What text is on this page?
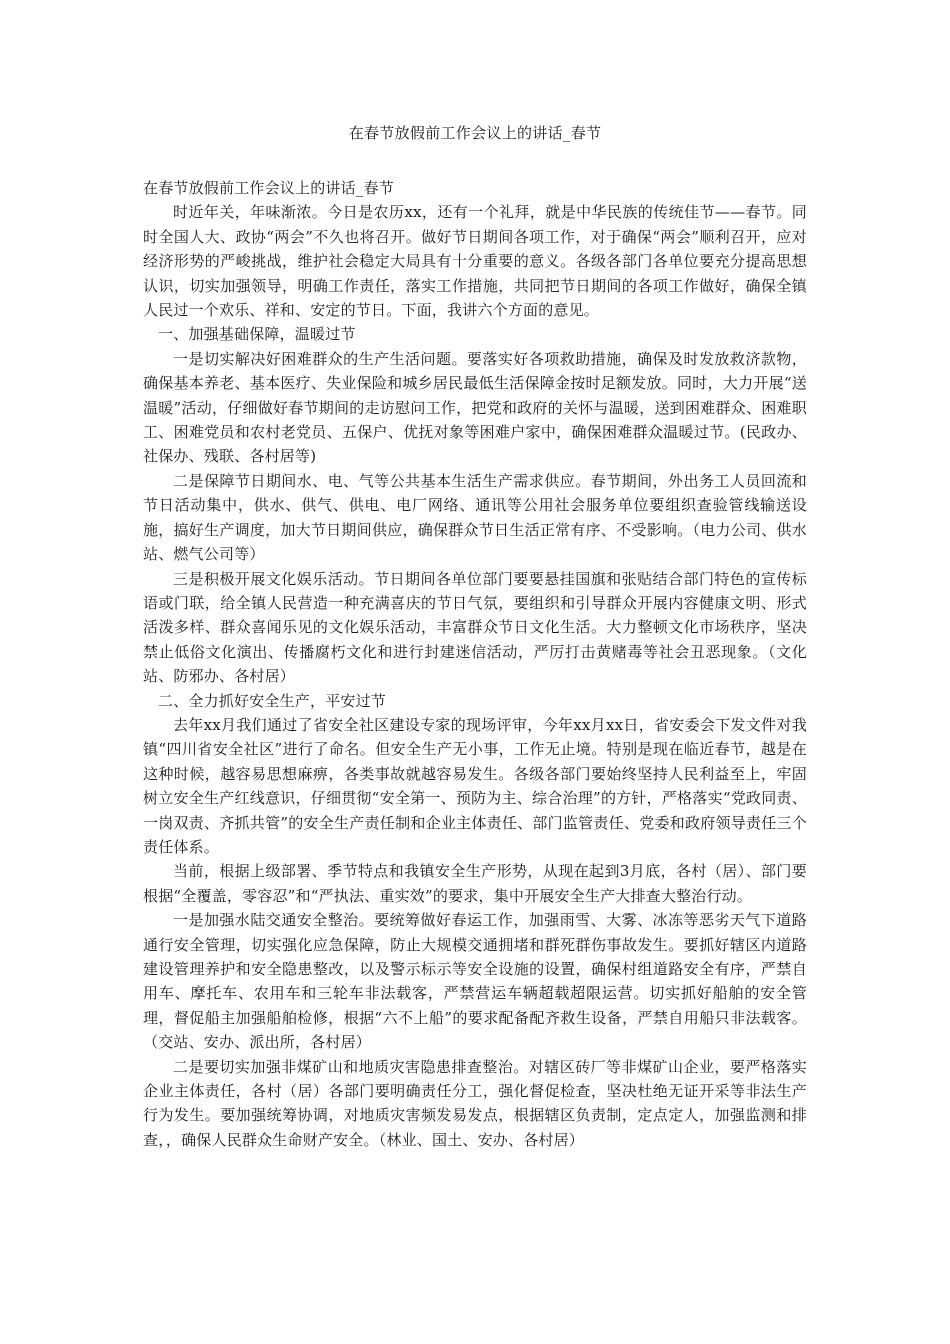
在春节放假前工作会议上的讲话_春节

在春节放假前工作会议上的讲话_春节

时近年关，年味渐浓。今日是农历xx，还有一个礼拜，就是中华民族的传统佳节——春节。同时全国人大、政协“两会”不久也将召开。做好节日期间各项工作，对于确保“两会”顺利召开，应对经济形势的严峻挑战，维护社会稳定大局具有十分重要的意义。各级各部门各单位要充分提高思想认识，切实加强领导，明确工作责任，落实工作措施，共同把节日期间的各项工作做好，确保全镇人民过一个欢乐、祥和、安定的节日。下面，我讲六个方面的意见。

一、加强基础保障，温暖过节

一是切实解决好困难群众的生产生活问题。要落实好各项救助措施，确保及时发放救济款物，确保基本养老、基本医疗、失业保险和城乡居民最低生活保障金按时足额发放。同时，大力开展“送温暖”活动，仔细做好春节期间的走访慰问工作，把党和政府的关怀与温暖，送到困难群众、困难职工、困难党员和农村老党员、五保户、优抚对象等困难户家中，确保困难群众温暖过节。(民政办、社保办、残联、各村居等)

二是保障节日期间水、电、气等公共基本生活生产需求供应。春节期间，外出务工人员回流和节日活动集中，供水、供气、供电、电厂网络、通讯等公用社会服务单位要组织查验管线输送设施，搞好生产调度，加大节日期间供应，确保群众节日生活正常有序、不受影响。（电力公司、供水站、燃气公司等）

三是积极开展文化娱乐活动。节日期间各单位部门要要悬挂国旗和张贴结合部门特色的宣传标语或门联，给全镇人民营造一种充满喜庆的节日气氛，要组织和引导群众开展内容健康文明、形式活泼多样、群众喜闻乐见的文化娱乐活动，丰富群众节日文化生活。大力整顿文化市场秩序，坚决禁止低俗文化演出、传播腐朽文化和进行封建迷信活动，严厉打击黄赌毒等社会丑恶现象。（文化站、防邪办、各村居）

二、全力抓好安全生产，平安过节

去年xx月我们通过了省安全社区建设专家的现场评审，今年xx月xx日，省安委会下发文件对我镇“四川省安全社区”进行了命名。但安全生产无小事，工作无止境。特别是现在临近春节，越是在这种时候，越容易思想麻痹，各类事故就越容易发生。各级各部门要始终坚持人民利益至上，牢固树立安全生产红线意识，仔细贯彻“安全第一、预防为主、综合治理”的方针，严格落实“党政同责、一岗双责、齐抓共管”的安全生产责任制和企业主体责任、部门监管责任、党委和政府领导责任三个责任体系。

当前，根据上级部署、季节特点和我镇安全生产形势，从现在起到3月底，各村（居）、部门要根据“全覆盖，零容忍”和“严执法、重实效”的要求，集中开展安全生产大排查大整治行动。

一是加强水陆交通安全整治。要统筹做好春运工作，加强雨雪、大雾、冰冻等恶劣天气下道路通行安全管理，切实强化应急保障，防止大规模交通拥堵和群死群伤事故发生。要抓好辖区内道路建设管理养护和安全隐患整改，以及警示标示等安全设施的设置，确保村组道路安全有序，严禁自用车、摩托车、农用车和三轮车非法载客，严禁营运车辆超载超限运营。切实抓好船舶的安全管理，督促船主加强船舶检修，根据“六不上船”的要求配备配齐救生设备，严禁自用船只非法载客。（交站、安办、派出所，各村居）

二是要切实加强非煤矿山和地质灾害隐患排查整治。对辖区砖厂等非煤矿山企业，要严格落实企业主体责任，各村（居）各部门要明确责任分工，强化督促检查，坚决杜绝无证开采等非法生产行为发生。要加强统筹协调，对地质灾害频发易发点，根据辖区负责制，定点定人，加强监测和排查，，确保人民群众生命财产安全。（林业、国土、安办、各村居）
